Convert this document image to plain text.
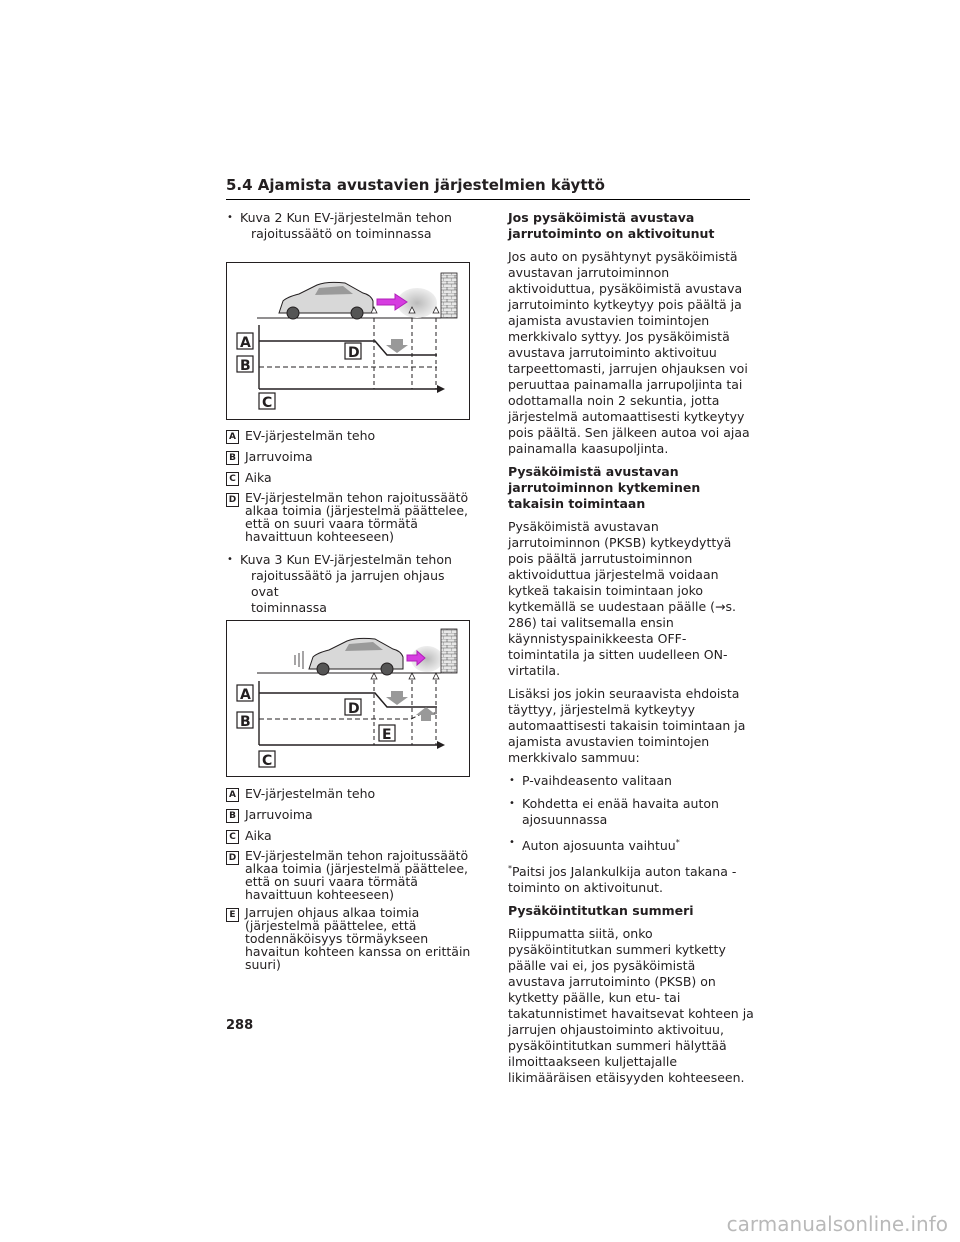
5.4 Ajamista avustavien järjestelmien käyttö
• Kuva 2 Kun EV-järjestelmän tehon
rajoitussäätö on toiminnassa
A
B
C
D
A EV-järjestelmän teho
B Jarruvoima
C Aika
D EV-järjestelmän tehon rajoitussäätö alkaa toimia (järjestelmä päättelee, että on suuri vaara törmätä havaittuun kohteeseen)
• Kuva 3 Kun EV-järjestelmän tehon
rajoitussäätö ja jarrujen ohjaus ovat
toiminnassa
A
B
C
D
E
A EV-järjestelmän teho
B Jarruvoima
C Aika
D EV-järjestelmän tehon rajoitussäätö alkaa toimia (järjestelmä päättelee, että on suuri vaara törmätä havaittuun kohteeseen)
E Jarrujen ohjaus alkaa toimia (järjestelmä päättelee, että todennäköisyys törmäykseen havaitun kohteen kanssa on erittäin suuri)

Jos pysäköimistä avustava jarrutoiminto on aktivoitunut

Jos auto on pysähtynyt pysäköimistä avustavan jarrutoiminnon aktivoiduttua, pysäköimistä avustava jarrutoiminto kytkeytyy pois päältä ja ajamista avustavien toimintojen merkkivalo syttyy. Jos pysäköimistä avustava jarrutoiminto aktivoituu tarpeettomasti, jarrujen ohjauksen voi peruuttaa painamalla jarrupoljinta tai odottamalla noin 2 sekuntia, jotta järjestelmä automaattisesti kytkeytyy pois päältä. Sen jälkeen autoa voi ajaa painamalla kaasupoljinta.

Pysäköimistä avustavan jarrutoiminnon kytkeminen takaisin toimintaan

Pysäköimistä avustavan jarrutoiminnon (PKSB) kytkeydyttyä pois päältä jarrutustoiminnon aktivoiduttua järjestelmä voidaan kytkeä takaisin toimintaan joko kytkemällä se uudestaan päälle (→s. 286) tai valitsemalla ensin käynnistyspainikkeesta OFF-toimintatila ja sitten uudelleen ON-virtatila.

Lisäksi jos jokin seuraavista ehdoista täyttyy, järjestelmä kytkeytyy automaattisesti takaisin toimintaan ja ajamista avustavien toimintojen merkkivalo sammuu:

• P-vaihdeasento valitaan
• Kohdetta ei enää havaita auton ajosuunnassa
• Auton ajosuunta vaihtuu*

*Paitsi jos Jalankulkija auton takana -toiminto on aktivoitunut.

Pysäköintitutkan summeri

Riippumatta siitä, onko pysäköintitutkan summeri kytketty päälle vai ei, jos pysäköimistä avustava jarrutoiminto (PKSB) on kytketty päälle, kun etu- tai takatunnistimet havaitsevat kohteen ja jarrujen ohjaustoiminto aktivoituu, pysäköintitutkan summeri hälyttää ilmoittaakseen kuljettajalle likimääräisen etäisyyden kohteeseen.

288
carmanualsonline.info
